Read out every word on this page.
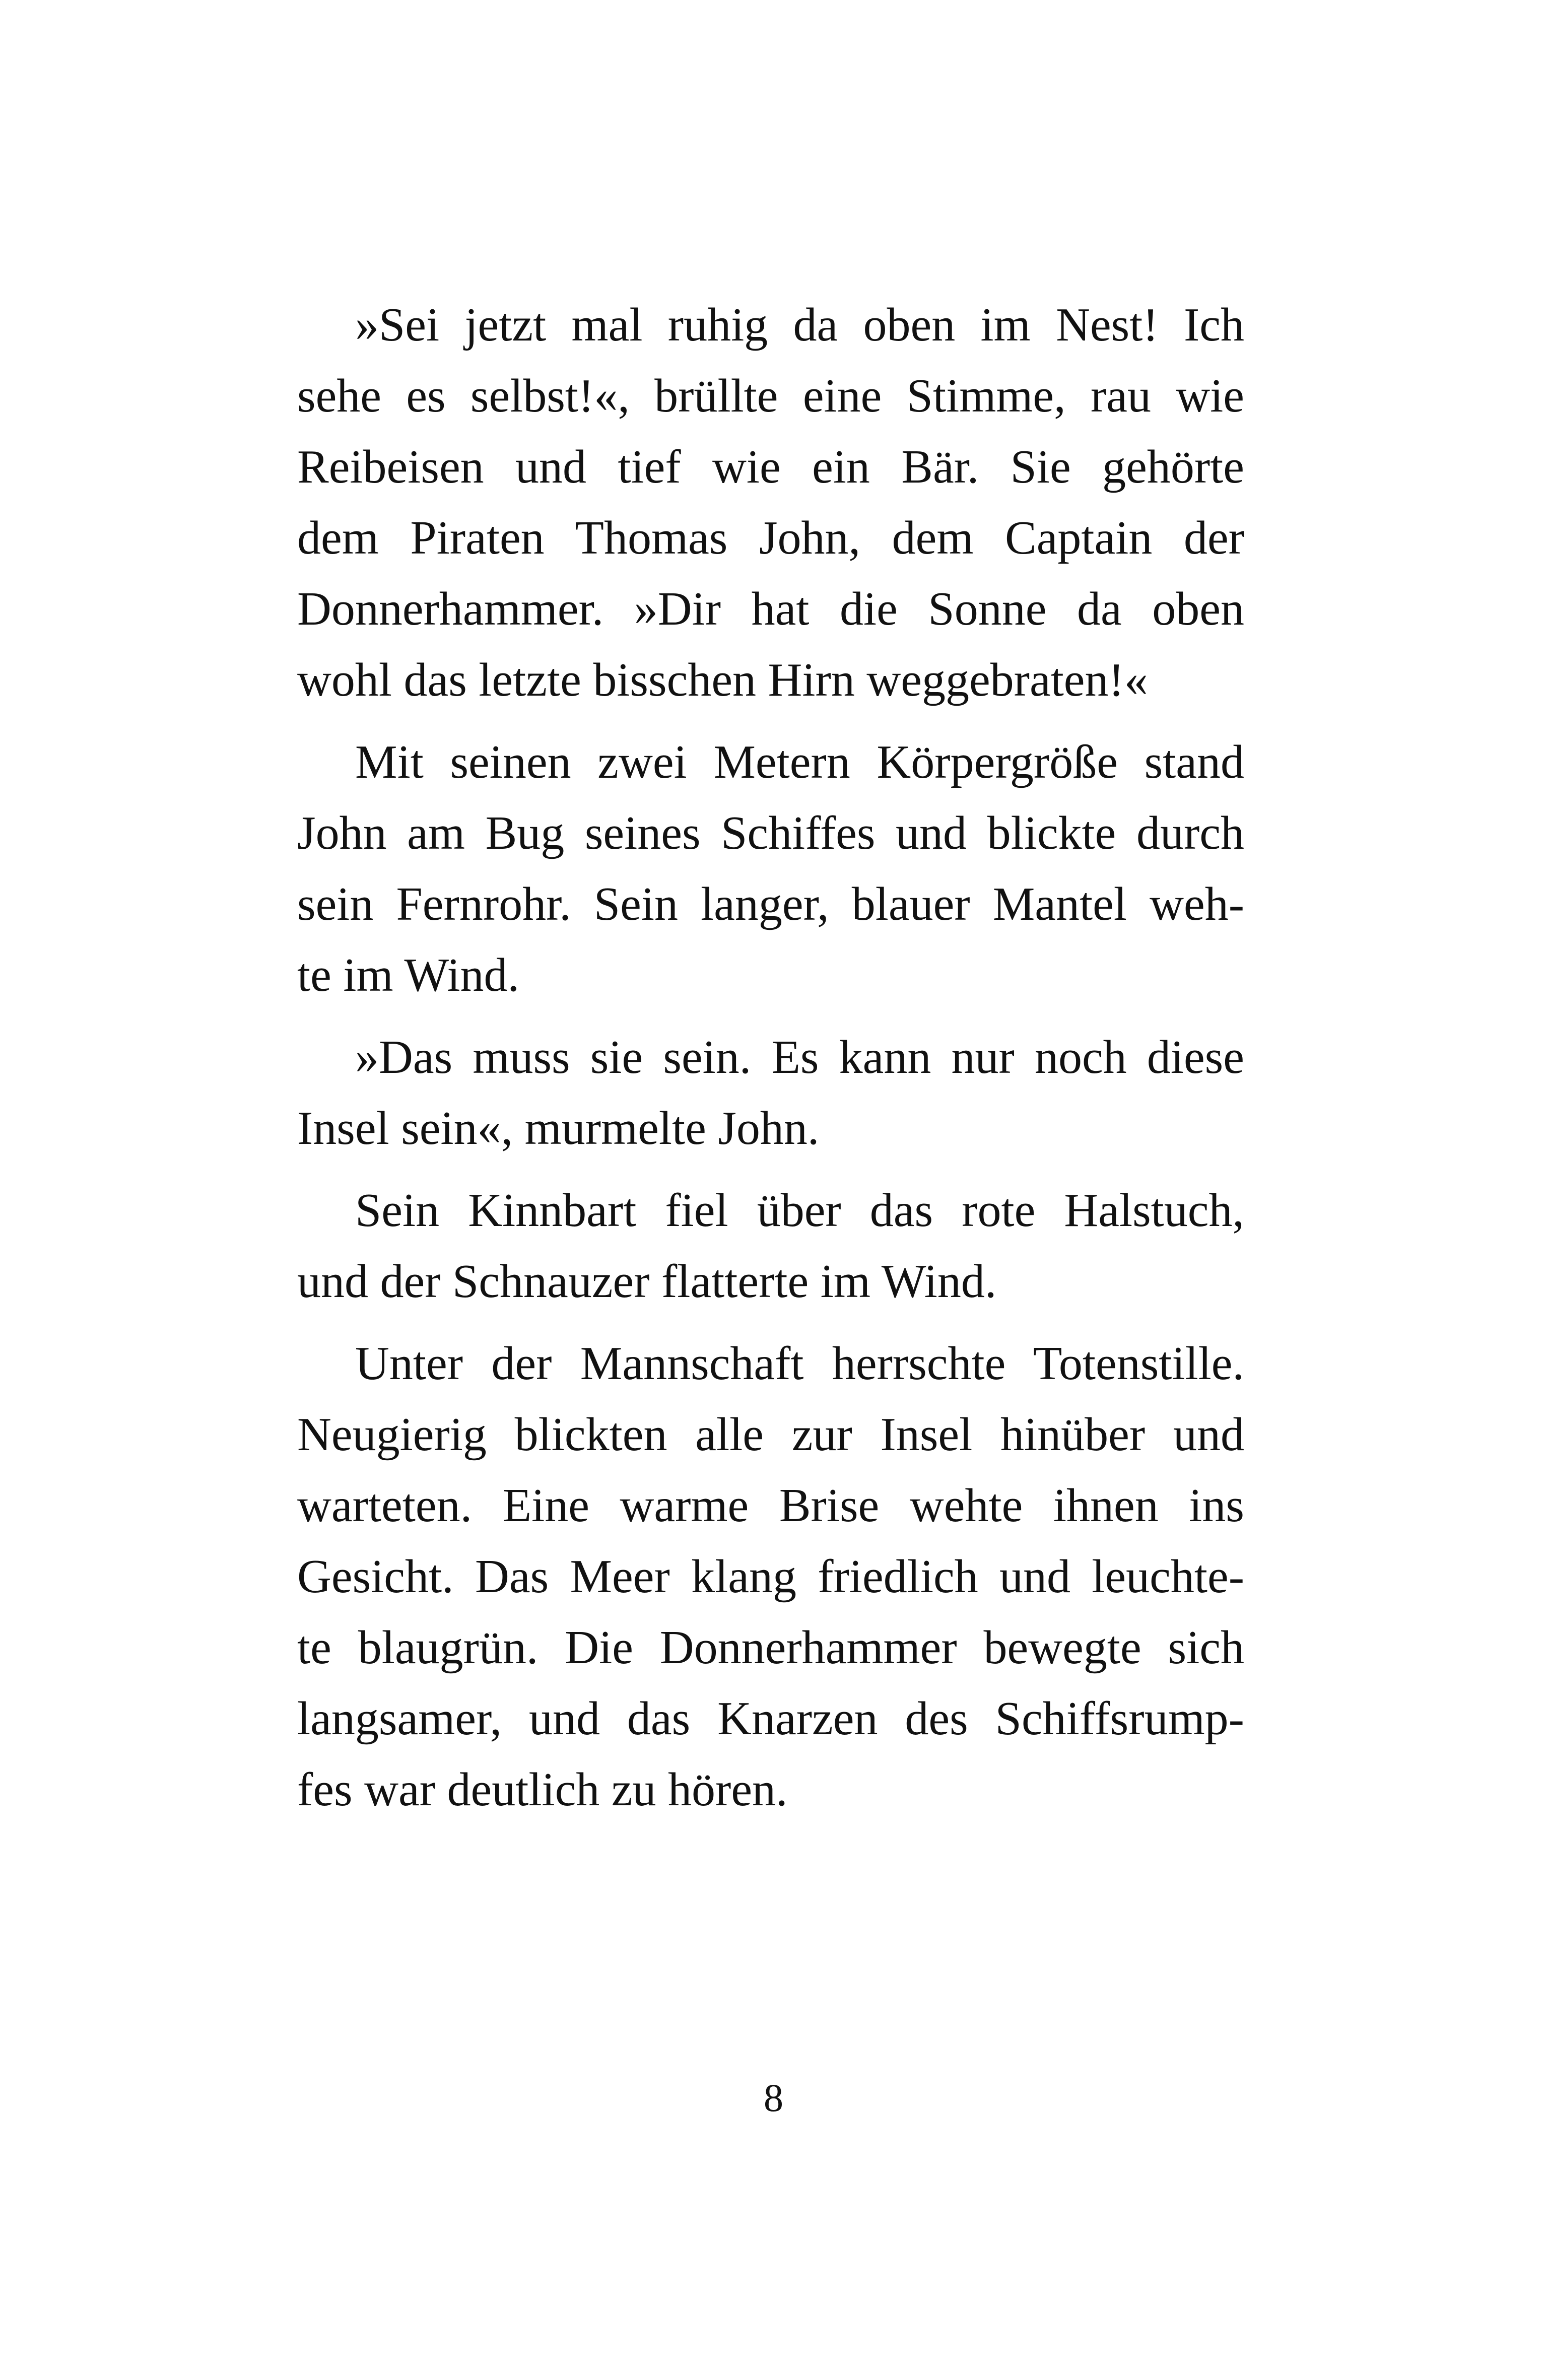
»Sei jetzt mal ruhig da oben im Nest! Ich
sehe es selbst!«, brüllte eine Stimme, rau wie
Reibeisen und tief wie ein Bär. Sie gehörte
dem Piraten Thomas John, dem Captain der
Donnerhammer. »Dir hat die Sonne da oben
wohl das letzte bisschen Hirn weggebraten!«

Mit seinen zwei Metern Körpergröße stand
John am Bug seines Schiffes und blickte durch
sein Fernrohr. Sein langer, blauer Mantel weh-
te im Wind.

»Das muss sie sein. Es kann nur noch diese
Insel sein«, murmelte John.

Sein Kinnbart fiel über das rote Halstuch,
und der Schnauzer flatterte im Wind.

Unter der Mannschaft herrschte Totenstille.
Neugierig blickten alle zur Insel hinüber und
warteten. Eine warme Brise wehte ihnen ins
Gesicht. Das Meer klang friedlich und leuchte-
te blaugrün. Die Donnerhammer bewegte sich
langsamer, und das Knarzen des Schiffsrump-
fes war deutlich zu hören.

8
